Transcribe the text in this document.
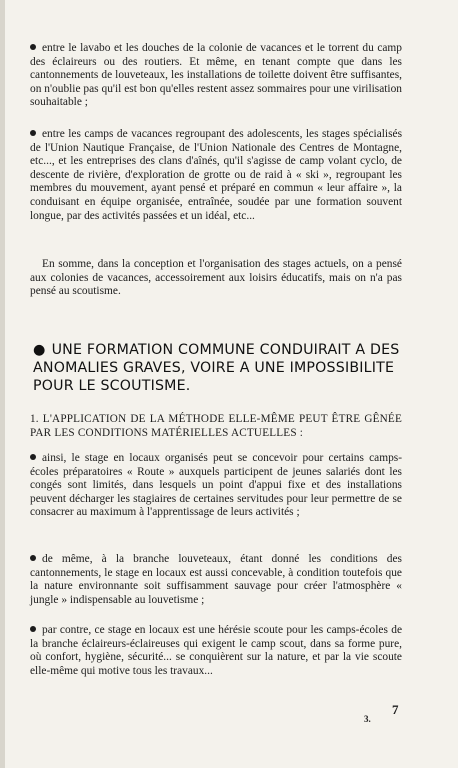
entre le lavabo et les douches de la colonie de vacances et le torrent du camp des éclaireurs ou des routiers. Et même, en tenant compte que dans les cantonnements de louveteaux, les installations de toilette doivent être suffisantes, on n'oublie pas qu'il est bon qu'elles restent assez sommaires pour une virilisation souhaitable ;

entre les camps de vacances regroupant des adolescents, les stages spécialisés de l'Union Nautique Française, de l'Union Nationale des Centres de Montagne, etc..., et les entreprises des clans d'aînés, qu'il s'agisse de camp volant cyclo, de descente de rivière, d'exploration de grotte ou de raid à « ski », regroupant les membres du mouvement, ayant pensé et préparé en commun « leur affaire », la conduisant en équipe organisée, entraînée, soudée par une formation souvent longue, par des activités passées et un idéal, etc...

En somme, dans la conception et l'organisation des stages actuels, on a pensé aux colonies de vacances, accessoirement aux loisirs éducatifs, mais on n'a pas pensé au scoutisme.

● UNE FORMATION COMMUNE CONDUIRAIT A DES ANOMALIES GRAVES, VOIRE A UNE IMPOSSIBILITE POUR LE SCOUTISME.

1. L'APPLICATION DE LA MÉTHODE ELLE-MÊME PEUT ÊTRE GÊNÉE PAR LES CONDITIONS MATÉRIELLES ACTUELLES :

ainsi, le stage en locaux organisés peut se concevoir pour certains camps-écoles préparatoires « Route » auxquels participent de jeunes salariés dont les congés sont limités, dans lesquels un point d'appui fixe et des installations peuvent décharger les stagiaires de certaines servitudes pour leur permettre de se consacrer au maximum à l'apprentissage de leurs activités ;

de même, à la branche louveteaux, étant donné les conditions des cantonnements, le stage en locaux est aussi concevable, à condition toutefois que la nature environnante soit suffisamment sauvage pour créer l'atmosphère « jungle » indispensable au louvetisme ;

par contre, ce stage en locaux est une hérésie scoute pour les camps-écoles de la branche éclaireurs-éclaireuses qui exigent le camp scout, dans sa forme pure, où confort, hygiène, sécurité... se conquièrent sur la nature, et par la vie scoute elle-même qui motive tous les travaux...

3.
7
